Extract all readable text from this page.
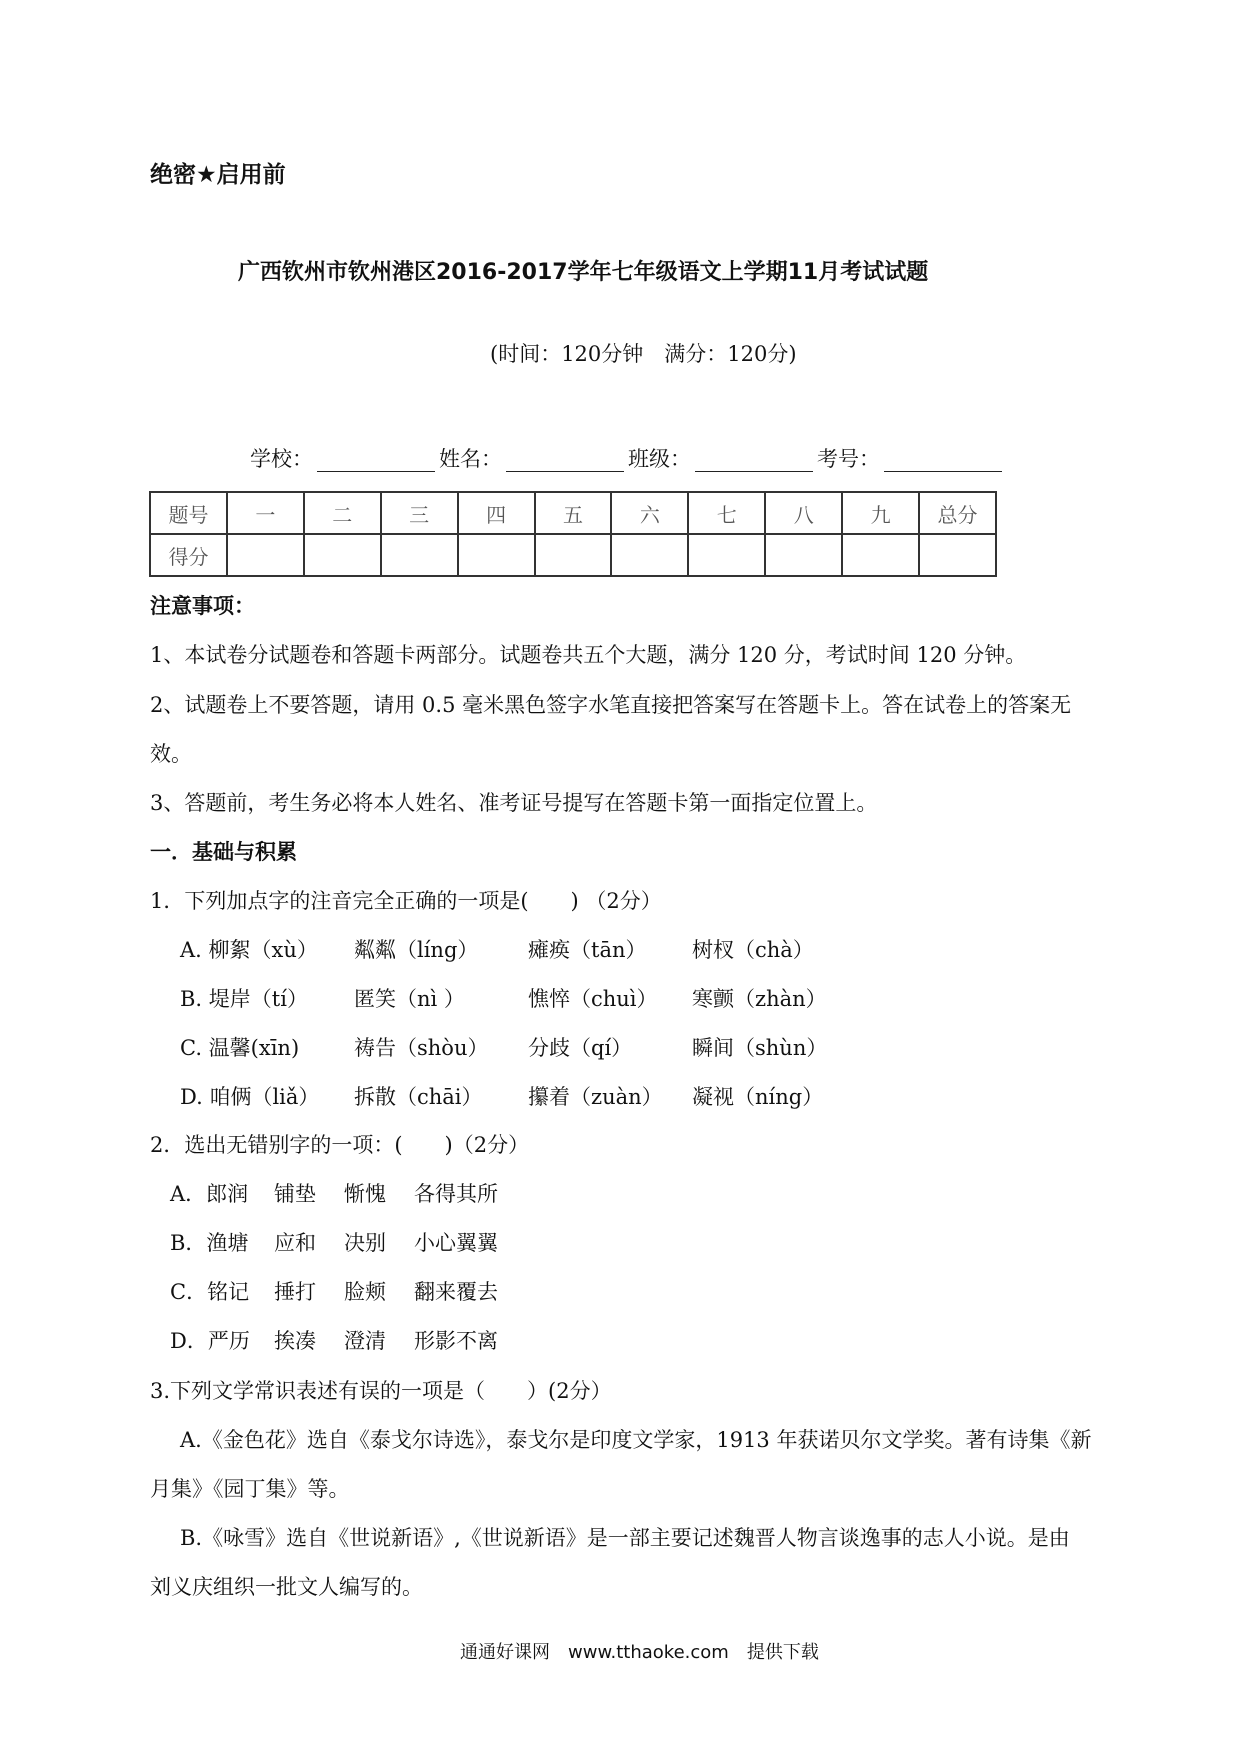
绝密★启用前
广西钦州市钦州港区2016-2017学年七年级语文上学期11月考试试题
(时间：120分钟　满分：120分)
学校：	姓名：	班级：	考号：
题号	一	二	三	四	五	六	七	八	九	总分
得分										
注意事项：
1、本试卷分试题卷和答题卡两部分。试题卷共五个大题，满分 120 分，考试时间 120 分钟。
2、试题卷上不要答题，请用 0.5 毫米黑色签字水笔直接把答案写在答题卡上。答在试卷上的答案无
效。
3、答题前，考生务必将本人姓名、准考证号提写在答题卡第一面指定位置上。
一．基础与积累
1．下列加点字的注音完全正确的一项是(　　) （2分）
A. 柳絮（xù） 粼粼（líng） 瘫痪（tān） 树杈（chà）
B. 堤岸（tí） 匿笑（nì ）	憔悴（chuì） 寒颤（zhàn）
C. 温馨(xīn)	祷告（shòu） 分歧（qí）	瞬间（shùn）
D. 咱俩（liǎ） 拆散（chāi） 攥着（zuàn） 凝视（níng）
2．选出无错别字的一项：(　　)（2分）
A．郎润 铺垫 惭愧 各得其所
B．渔塘 应和 决别 小心翼翼
C．铭记 捶打 脸颊 翻来覆去
D．严历 挨凑 澄清 形影不离
3.下列文学常识表述有误的一项是（　　）(2分）
A.《金色花》选自《泰戈尔诗选》，泰戈尔是印度文学家，1913 年获诺贝尔文学奖。著有诗集《新
月集》《园丁集》等。
B.《咏雪》选自《世说新语》,《世说新语》是一部主要记述魏晋人物言谈逸事的志人小说。是由
刘义庆组织一批文人编写的。
通通好课网　www.tthaoke.com　提供下载
